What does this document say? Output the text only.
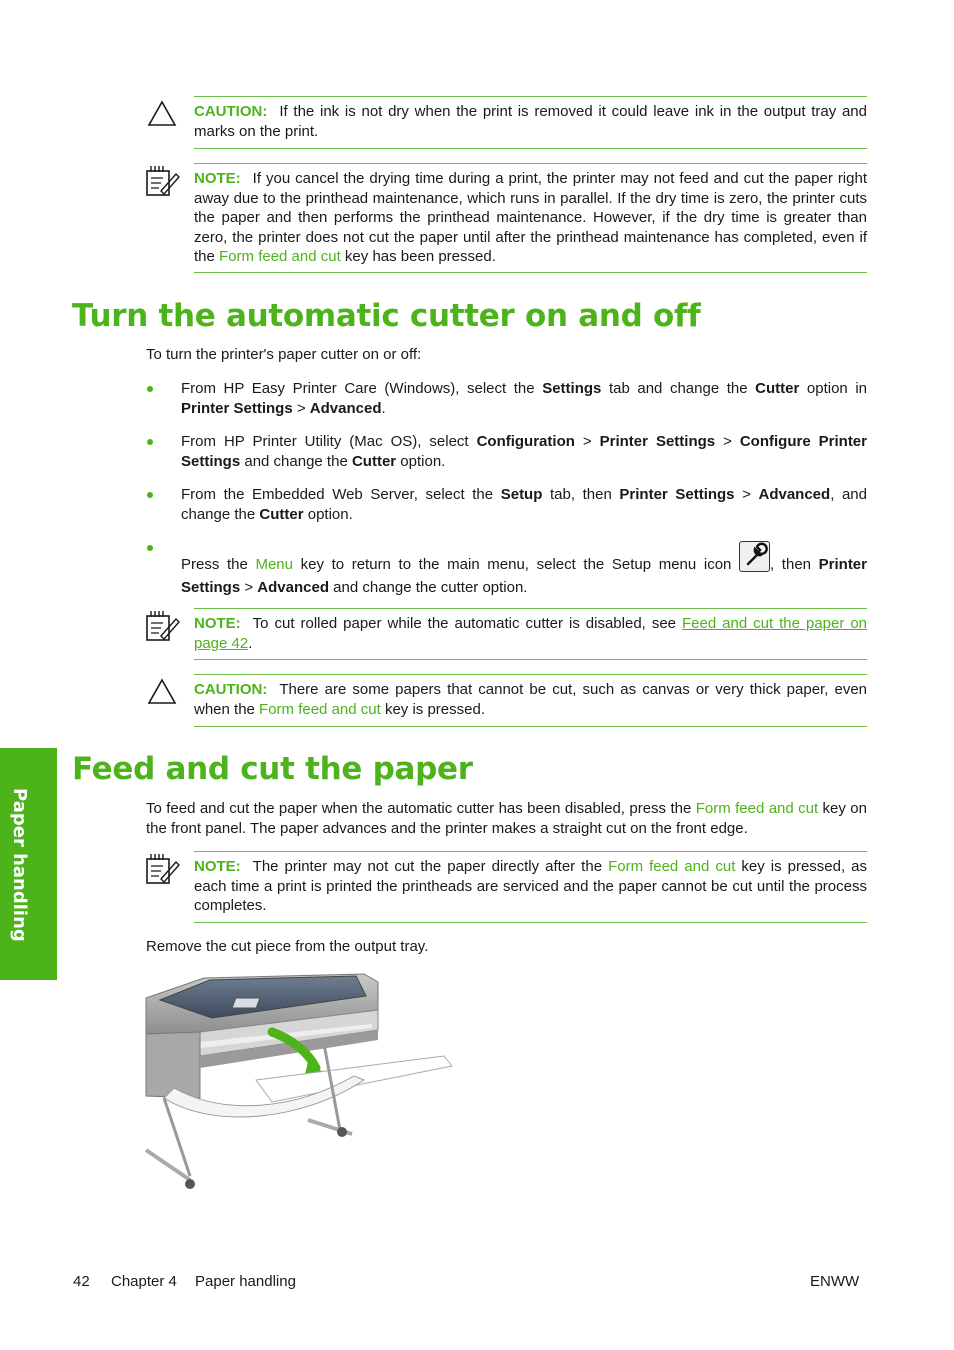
CAUTION: If the ink is not dry when the print is removed it could leave ink in the output tray and marks on the print.
NOTE: If you cancel the drying time during a print, the printer may not feed and cut the paper right away due to the printhead maintenance, which runs in parallel. If the dry time is zero, the printer cuts the paper and then performs the printhead maintenance. However, if the dry time is greater than zero, the printer does not cut the paper until after the printhead maintenance has completed, even if the Form feed and cut key has been pressed.
Turn the automatic cutter on and off
To turn the printer's paper cutter on or off:
From HP Easy Printer Care (Windows), select the Settings tab and change the Cutter option in Printer Settings > Advanced.
From HP Printer Utility (Mac OS), select Configuration > Printer Settings > Configure Printer Settings and change the Cutter option.
From the Embedded Web Server, select the Setup tab, then Printer Settings > Advanced, and change the Cutter option.
Press the Menu key to return to the main menu, select the Setup menu icon , then Printer Settings > Advanced and change the cutter option.
NOTE: To cut rolled paper while the automatic cutter is disabled, see Feed and cut the paper on page 42.
CAUTION: There are some papers that cannot be cut, such as canvas or very thick paper, even when the Form feed and cut key is pressed.
Feed and cut the paper
To feed and cut the paper when the automatic cutter has been disabled, press the Form feed and cut key on the front panel. The paper advances and the printer makes a straight cut on the front edge.
NOTE: The printer may not cut the paper directly after the Form feed and cut key is pressed, as each time a print is printed the printheads are serviced and the paper cannot be cut until the process completes.
Remove the cut piece from the output tray.
Paper handling
42 Chapter 4 Paper handling	ENWW
